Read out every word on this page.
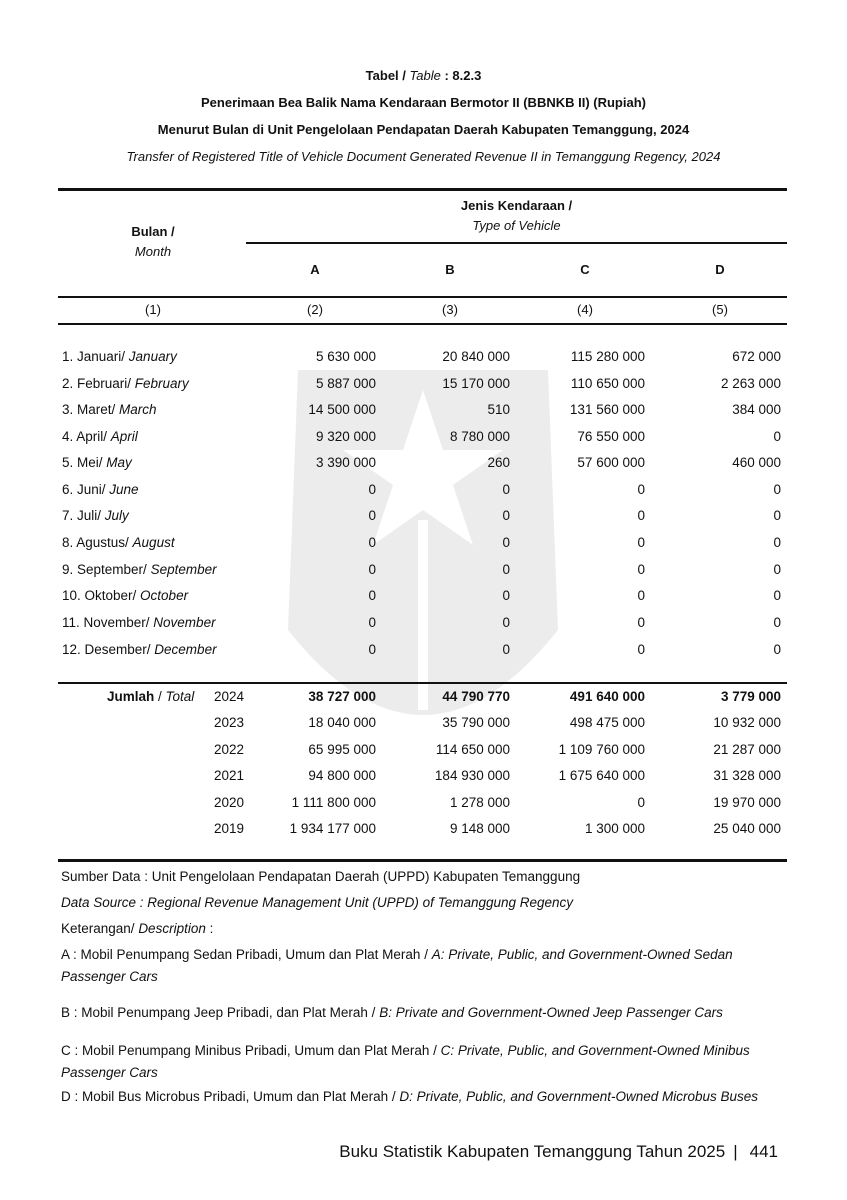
Tabel / Table : 8.2.3
Penerimaan Bea Balik Nama Kendaraan Bermotor II (BBNKB II) (Rupiah)
Menurut Bulan di Unit Pengelolaan Pendapatan Daerah Kabupaten Temanggung, 2024
Transfer of Registered Title of Vehicle Document Generated Revenue II in Temanggung Regency, 2024
Bulan /
Month
Jenis Kendaraan /
Type of Vehicle
A	B	C	D
(1)	(2)	(3)	(4)	(5)
1. Januari/ January	5 630 000	20 840 000	115 280 000	672 000
2. Februari/ February	5 887 000	15 170 000	110 650 000	2 263 000
3. Maret/ March	14 500 000	510	131 560 000	384 000
4. April/ April	9 320 000	8 780 000	76 550 000	0
5. Mei/ May	3 390 000	260	57 600 000	460 000
6. Juni/ June	0	0	0	0
7. Juli/ July	0	0	0	0
8. Agustus/ August	0	0	0	0
9. September/ September	0	0	0	0
10. Oktober/ October	0	0	0	0
11. November/ November	0	0	0	0
12. Desember/ December	0	0	0	0
Jumlah / Total	2024	38 727 000	44 790 770	491 640 000	3 779 000
2023	18 040 000	35 790 000	498 475 000	10 932 000
2022	65 995 000	114 650 000	1 109 760 000	21 287 000
2021	94 800 000	184 930 000	1 675 640 000	31 328 000
2020	1 111 800 000	1 278 000	0	19 970 000
2019	1 934 177 000	9 148 000	1 300 000	25 040 000
Sumber Data : Unit Pengelolaan Pendapatan Daerah (UPPD) Kabupaten Temanggung
Data Source : Regional Revenue Management Unit (UPPD) of Temanggung Regency
Keterangan/ Description :
A : Mobil Penumpang Sedan Pribadi, Umum dan Plat Merah / A: Private, Public, and Government-Owned Sedan Passenger Cars
B : Mobil Penumpang Jeep Pribadi, dan Plat Merah / B: Private and Government-Owned Jeep Passenger Cars
C : Mobil Penumpang Minibus Pribadi, Umum dan Plat Merah / C: Private, Public, and Government-Owned Minibus Passenger Cars
D : Mobil Bus Microbus Pribadi, Umum dan Plat Merah / D: Private, Public, and Government-Owned Microbus Buses
Buku Statistik Kabupaten Temanggung Tahun 2025 | 441
